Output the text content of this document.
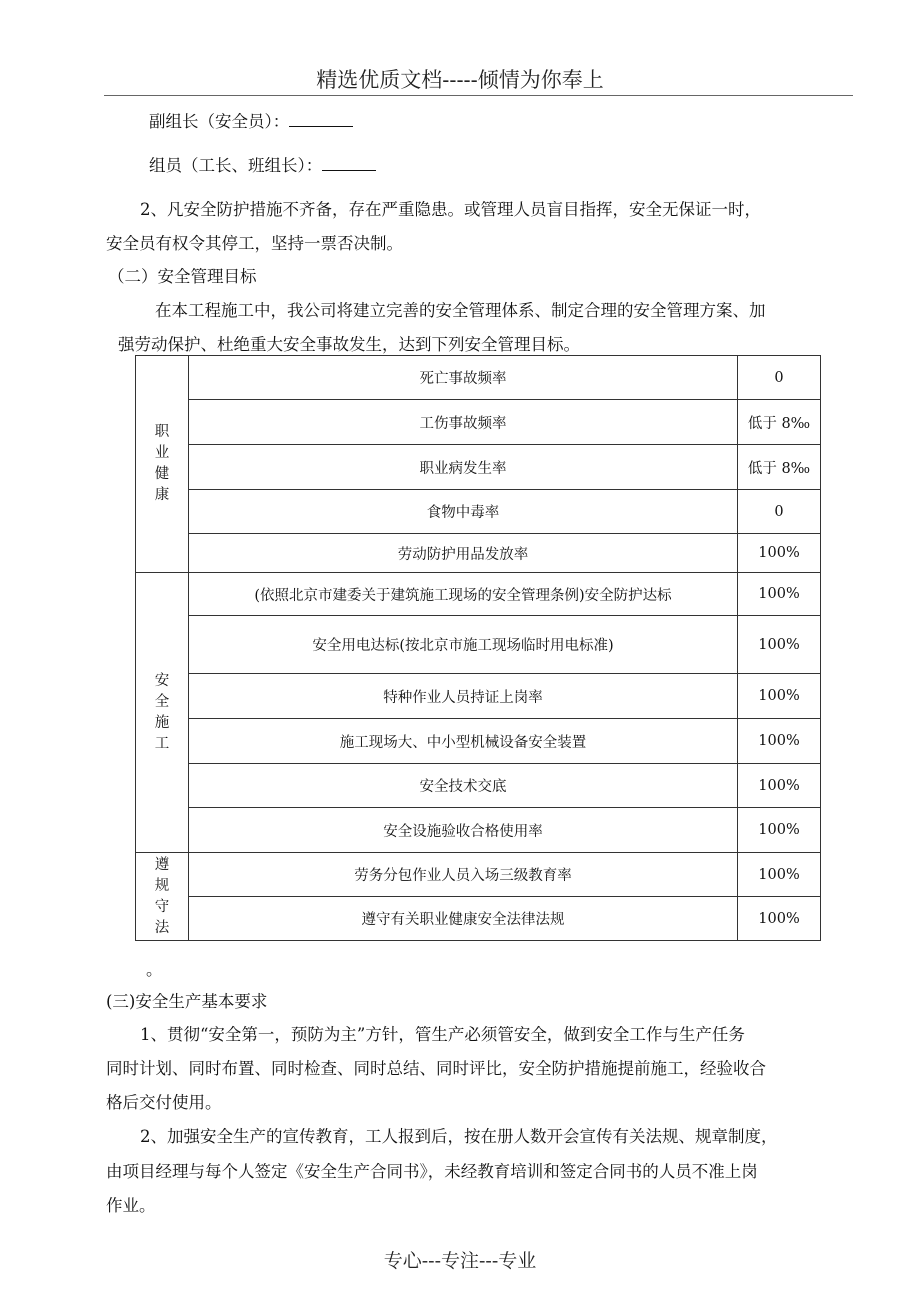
精选优质文档-----倾情为你奉上
副组长（安全员）：
组员（工长、班组长）：
2、凡安全防护措施不齐备，存在严重隐患。或管理人员盲目指挥，安全无保证一时，
安全员有权令其停工，坚持一票否决制。
（二）安全管理目标
在本工程施工中，我公司将建立完善的安全管理体系、制定合理的安全管理方案、加
强劳动保护、杜绝重大安全事故发生，达到下列安全管理目标。
职
业
健
康	死亡事故频率	0
	工伤事故频率	低于 8‰
	职业病发生率	低于 8‰
	食物中毒率	0
	劳动防护用品发放率	100%

安
全
施
工	(依照北京市建委关于建筑施工现场的安全管理条例)安全防护达标	100%
	安全用电达标(按北京市施工现场临时用电标准)	100%
	特种作业人员持证上岗率	100%
	施工现场大、中小型机械设备安全装置	100%
	安全技术交底	100%
	安全设施验收合格使用率	100%

遵
规
守
法	劳务分包作业人员入场三级教育率	100%
	遵守有关职业健康安全法律法规	100%
。
(三)安全生产基本要求
1、贯彻“安全第一，预防为主”方针，管生产必须管安全，做到安全工作与生产任务
同时计划、同时布置、同时检查、同时总结、同时评比，安全防护措施提前施工，经验收合
格后交付使用。
2、加强安全生产的宣传教育，工人报到后，按在册人数开会宣传有关法规、规章制度，
由项目经理与每个人签定《安全生产合同书》，未经教育培训和签定合同书的人员不准上岗
作业。
专心---专注---专业
